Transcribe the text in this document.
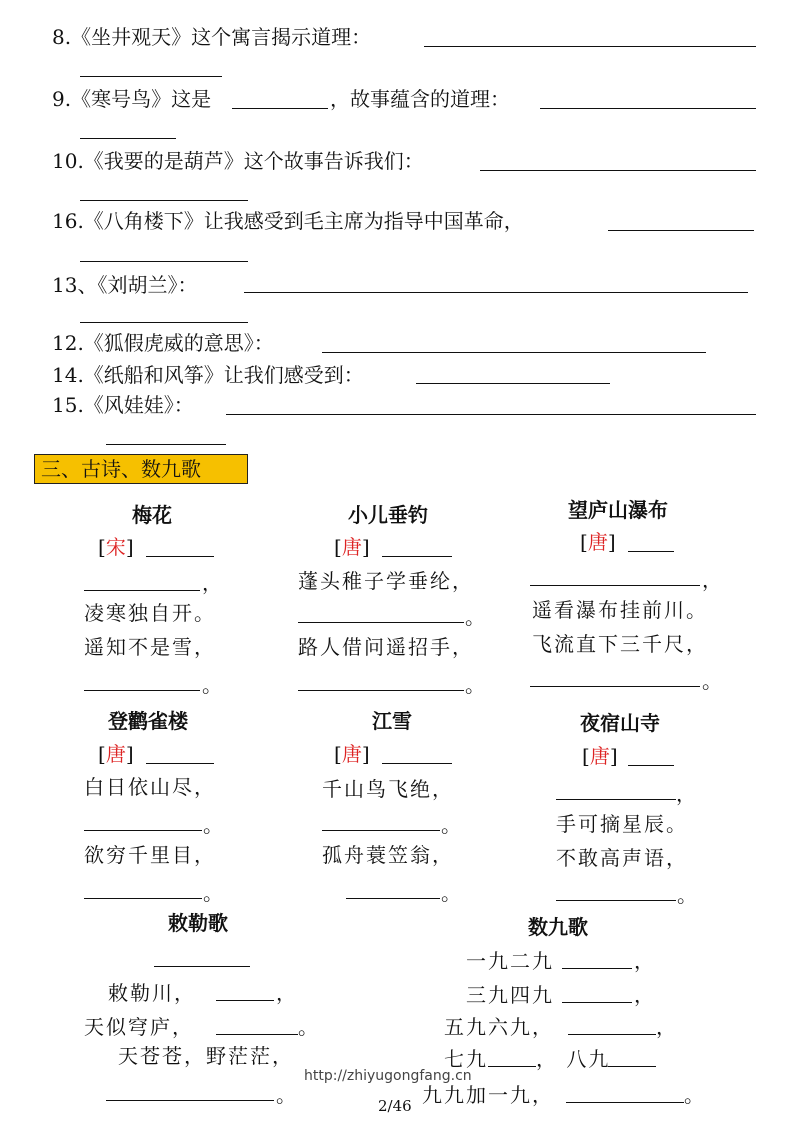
8.《坐井观天》这个寓言揭示道理：
9.《寒号鸟》这是	，故事蕴含的道理：
10.《我要的是葫芦》这个故事告诉我们：
16.《八角楼下》让我感受到毛主席为指导中国革命，
13、《刘胡兰》：
12.《狐假虎威的意思》：
14.《纸船和风筝》让我们感受到：
15.《风娃娃》：
三、古诗、数九歌
梅花
[宋]
，
凌寒独自开。
遥知不是雪，
。
小儿垂钓
[唐]
蓬头稚子学垂纶，
。
路人借问遥招手，
。
望庐山瀑布
[唐]
，
遥看瀑布挂前川。
飞流直下三千尺，
。
登鹳雀楼
[唐]
白日依山尽，
。
欲穷千里目，
。
江雪
[唐]
千山鸟飞绝，
。
孤舟蓑笠翁，
。
夜宿山寺
[唐]
，
手可摘星辰。
不敢高声语，
。
敕勒歌
敕勒川，	，
天似穹庐，	。
天苍苍，野茫茫，
。
数九歌
一九二九	，
三九四九	，
五九六九，	，
七九 ， 八九
九九加一九，	。
http://zhiyugongfang.cn
2/46
